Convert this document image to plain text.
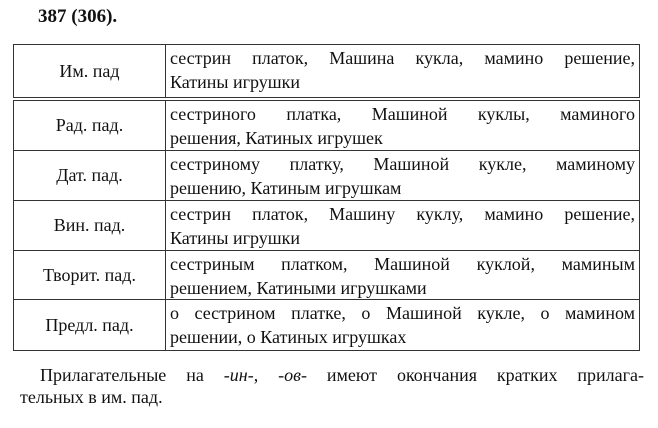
387 (306).
Им. пад
сестрин платок, Машина кукла, мамино решение,
Катины игрушки
Рад. пад.
сестриного платка, Машиной куклы, маминого
решения, Катиных игрушек
Дат. пад.
сестриному платку, Машиной кукле, маминому
решению, Катиным игрушкам
Вин. пад.
сестрин платок, Машину куклу, мамино решение,
Катины игрушки
Творит. пад.
сестриным платком, Машиной куклой, маминым
решением, Катиными игрушками
Предл. пад.
о сестрином платке, о Машиной кукле, о мамином
решении, о Катиных игрушках
Прилагательные на -ин-, -ов- имеют окончания кратких прилага-
тельных в им. пад.
